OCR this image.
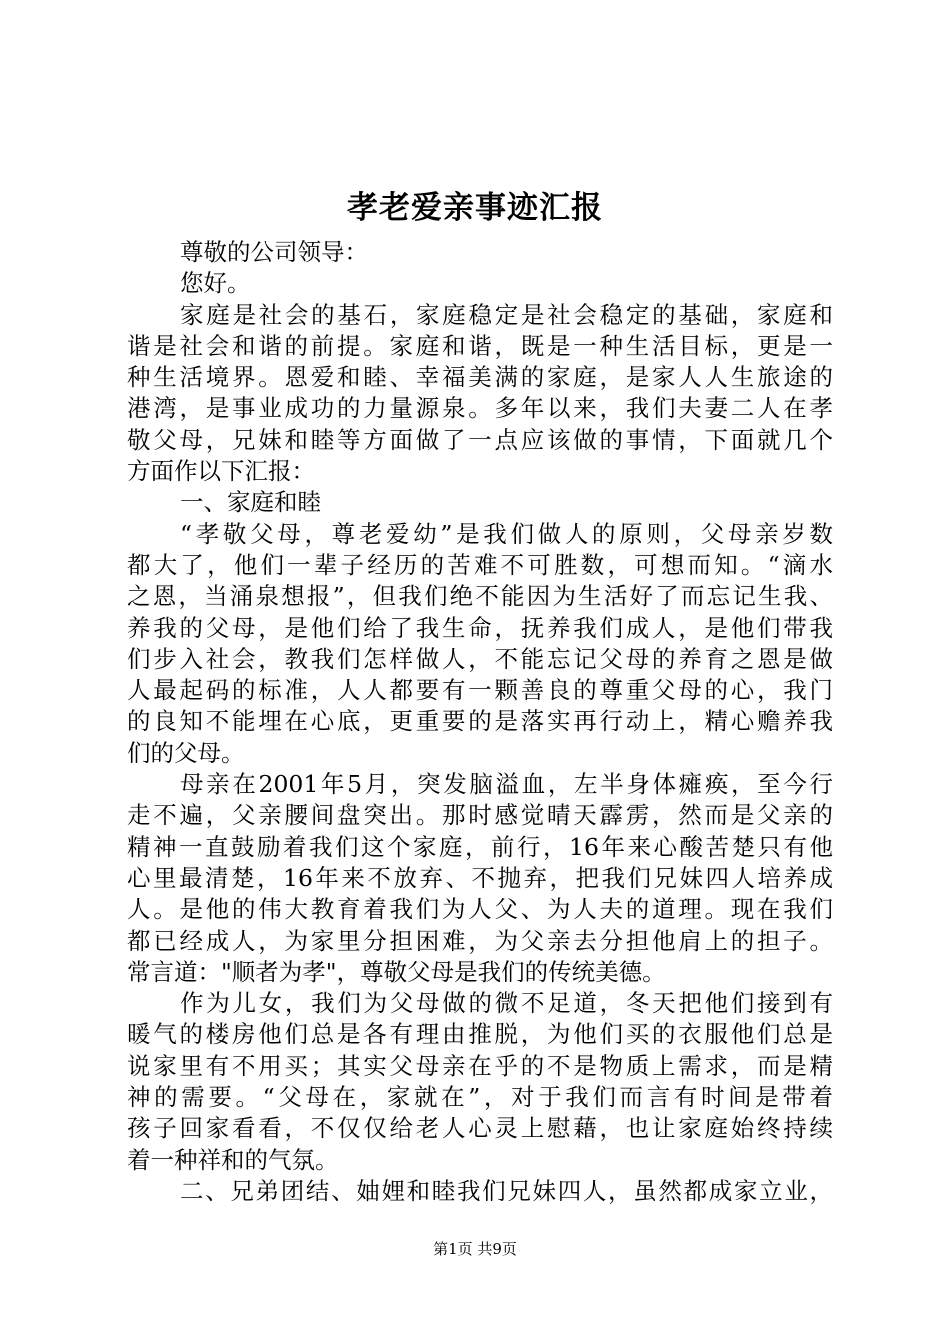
孝老爱亲事迹汇报
尊敬的公司领导：
您好。
家庭是社会的基石，家庭稳定是社会稳定的基础，家庭和
谐是社会和谐的前提。家庭和谐，既是一种生活目标，更是一
种生活境界。恩爱和睦、幸福美满的家庭，是家人人生旅途的
港湾，是事业成功的力量源泉。多年以来，我们夫妻二人在孝
敬父母，兄妹和睦等方面做了一点应该做的事情，下面就几个
方面作以下汇报：
一、家庭和睦
“孝敬父母，尊老爱幼”是我们做人的原则，父母亲岁数
都大了，他们一辈子经历的苦难不可胜数，可想而知。“滴水
之恩，当涌泉想报”，但我们绝不能因为生活好了而忘记生我、
养我的父母，是他们给了我生命，抚养我们成人，是他们带我
们步入社会，教我们怎样做人，不能忘记父母的养育之恩是做
人最起码的标准，人人都要有一颗善良的尊重父母的心，我门
的良知不能埋在心底，更重要的是落实再行动上，精心赡养我
们的父母。
母亲在2001年5月，突发脑溢血，左半身体瘫痪，至今行
走不遍，父亲腰间盘突出。那时感觉晴天霹雳，然而是父亲的
精神一直鼓励着我们这个家庭，前行，16年来心酸苦楚只有他
心里最清楚，16年来不放弃、不抛弃，把我们兄妹四人培养成
人。是他的伟大教育着我们为人父、为人夫的道理。现在我们
都已经成人，为家里分担困难，为父亲去分担他肩上的担子。
常言道："顺者为孝"，尊敬父母是我们的传统美德。
作为儿女，我们为父母做的微不足道，冬天把他们接到有
暖气的楼房他们总是各有理由推脱，为他们买的衣服他们总是
说家里有不用买；其实父母亲在乎的不是物质上需求，而是精
神的需要。“父母在，家就在”，对于我们而言有时间是带着
孩子回家看看，不仅仅给老人心灵上慰藉，也让家庭始终持续
着一种祥和的气氛。
二、兄弟团结、妯娌和睦我们兄妹四人，虽然都成家立业，
第1页 共9页
